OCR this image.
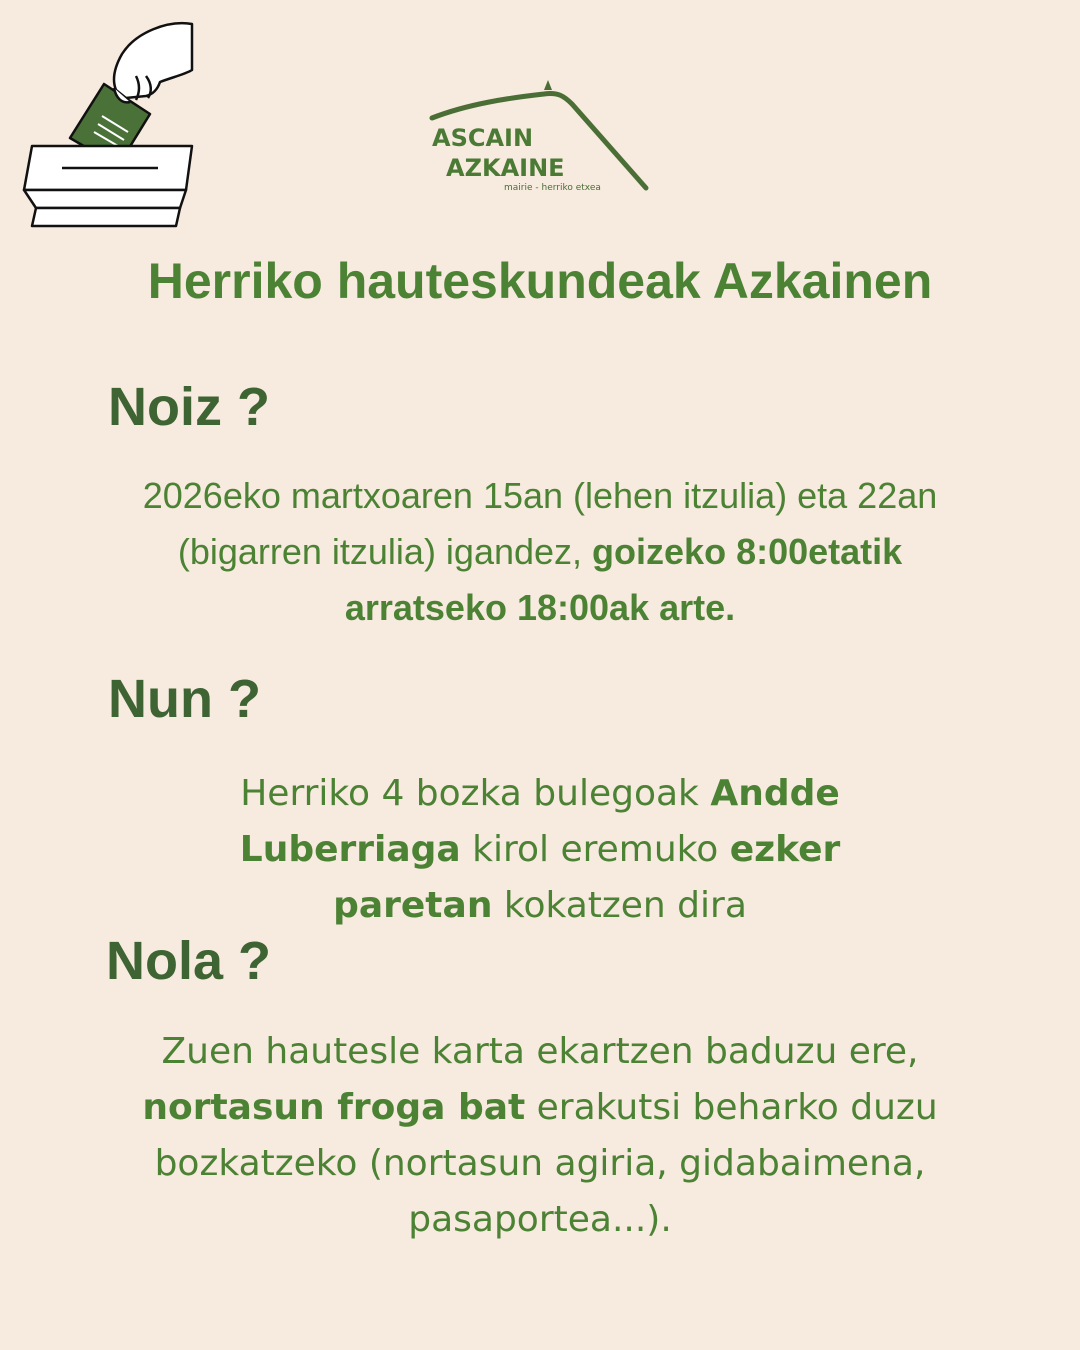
ASCAIN
AZKAINE
mairie - herriko etxea
Herriko hauteskundeak Azkainen
Noiz ?

2026eko martxoaren 15an (lehen itzulia) eta 22an (bigarren itzulia) igandez, goizeko 8:00etatik arratseko 18:00ak arte.

Nun ?

Herriko 4 bozka bulegoak Andde Luberriaga kirol eremuko ezker paretan kokatzen dira

Nola ?

Zuen hautesle karta ekartzen baduzu ere, nortasun froga bat erakutsi beharko duzu bozkatzeko (nortasun agiria, gidabaimena, pasaportea...).
